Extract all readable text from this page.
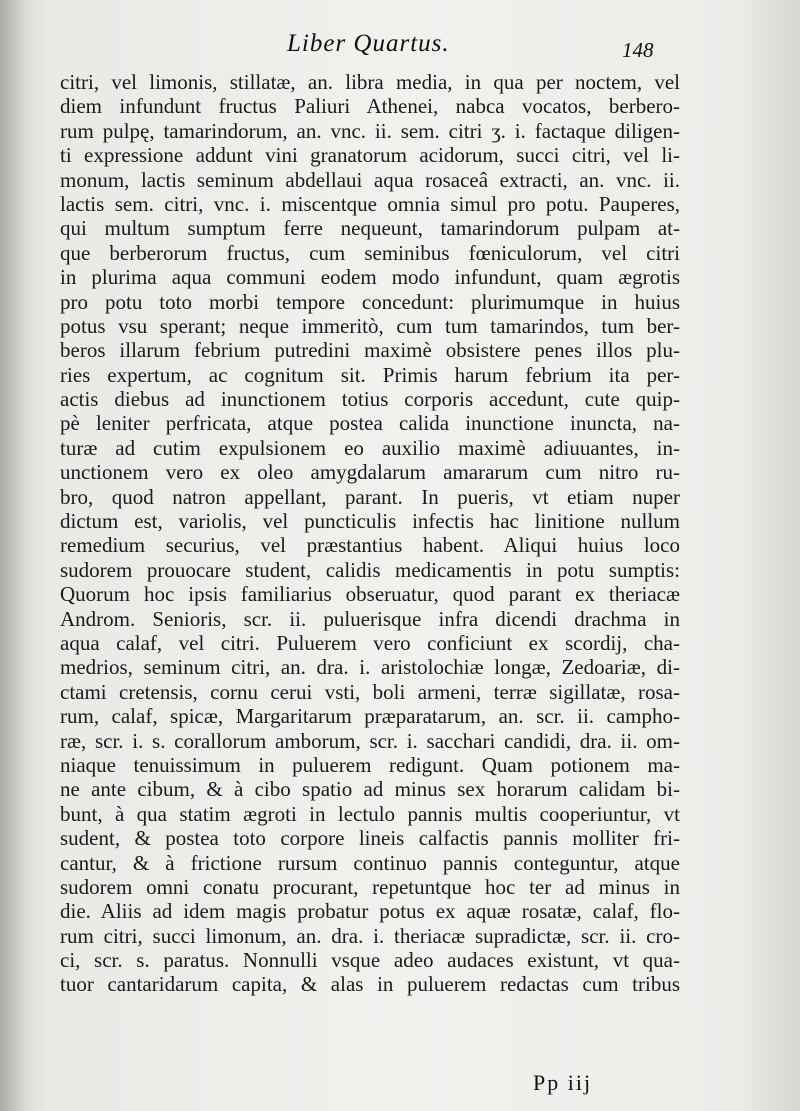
Liber Quartus.	148
citri, vel limonis, stillatæ, an. libra media, in qua per noctem, vel
diem infundunt fructus Paliuri Athenei, nabca vocatos, berbero-
rum pulpę, tamarindorum, an. vnc. ii. sem. citri ʒ. i. factaque diligen-
ti expressione addunt vini granatorum acidorum, succi citri, vel li-
monum, lactis seminum abdellaui aqua rosaceâ extracti, an. vnc. ii.
lactis sem. citri, vnc. i. miscentque omnia simul pro potu. Pauperes,
qui multum sumptum ferre nequeunt, tamarindorum pulpam at-
que berberorum fructus, cum seminibus fœniculorum, vel citri
in plurima aqua communi eodem modo infundunt, quam ægrotis
pro potu toto morbi tempore concedunt: plurimumque in huius
potus vsu sperant; neque immeritò, cum tum tamarindos, tum ber-
beros illarum febrium putredini maximè obsistere penes illos plu-
ries expertum, ac cognitum sit. Primis harum febrium ita per-
actis diebus ad inunctionem totius corporis accedunt, cute quip-
pè leniter perfricata, atque postea calida inunctione inuncta, na-
turæ ad cutim expulsionem eo auxilio maximè adiuuantes, in-
unctionem vero ex oleo amygdalarum amararum cum nitro ru-
bro, quod natron appellant, parant. In pueris, vt etiam nuper
dictum est, variolis, vel puncticulis infectis hac linitione nullum
remedium securius, vel præstantius habent. Aliqui huius loco
sudorem prouocare student, calidis medicamentis in potu sumptis:
Quorum hoc ipsis familiarius obseruatur, quod parant ex theriacæ
Androm. Senioris, scr. ii. puluerisque infra dicendi drachma in
aqua calaf, vel citri. Puluerem vero conficiunt ex scordij, cha-
medrios, seminum citri, an. dra. i. aristolochiæ longæ, Zedoariæ, di-
ctami cretensis, cornu cerui vsti, boli armeni, terræ sigillatæ, rosa-
rum, calaf, spicæ, Margaritarum præparatarum, an. scr. ii. campho-
ræ, scr. i. s. corallorum amborum, scr. i. sacchari candidi, dra. ii. om-
niaque tenuissimum in puluerem redigunt. Quam potionem ma-
ne ante cibum, & à cibo spatio ad minus sex horarum calidam bi-
bunt, à qua statim ægroti in lectulo pannis multis cooperiuntur, vt
sudent, & postea toto corpore lineis calfactis pannis molliter fri-
cantur, & à frictione rursum continuo pannis conteguntur, atque
sudorem omni conatu procurant, repetuntque hoc ter ad minus in
die. Aliis ad idem magis probatur potus ex aquæ rosatæ, calaf, flo-
rum citri, succi limonum, an. dra. i. theriacæ supradictæ, scr. ii. cro-
ci, scr. s. paratus. Nonnulli vsque adeo audaces existunt, vt qua-
tuor cantaridarum capita, & alas in puluerem redactas cum tribus
Pp iij
